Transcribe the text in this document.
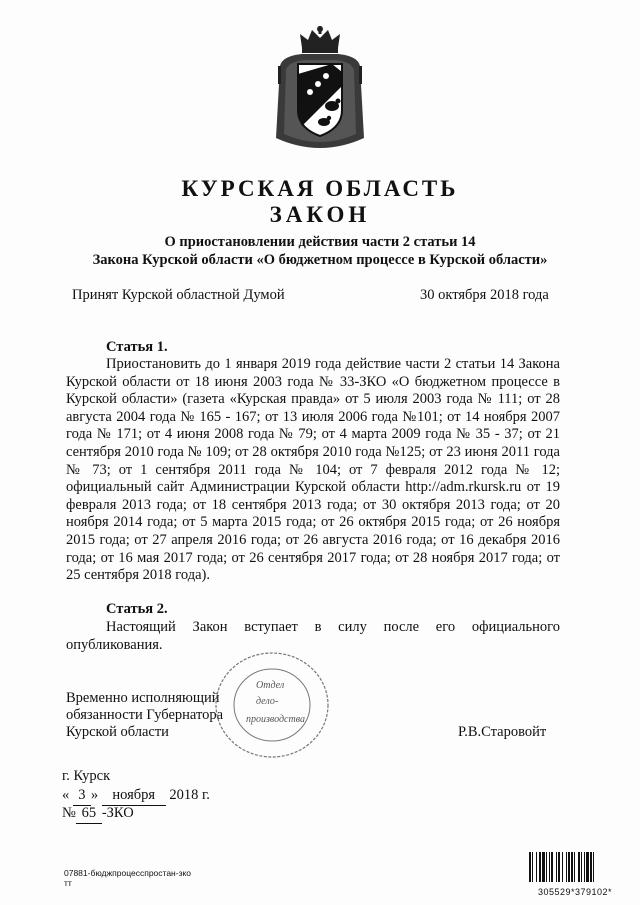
КУРСКАЯ ОБЛАСТЬ
ЗАКОН
О приостановлении действия части 2 статьи 14
Закона Курской области «О бюджетном процессе в Курской области»
Принят Курской областной Думой	30 октября 2018 года
Статья 1.
Приостановить до 1 января 2019 года действие части 2 статьи 14 Закона Курской области от 18 июня 2003 года № 33-ЗКО «О бюджетном процессе в Курской области» (газета «Курская правда» от 5 июля 2003 года № 111; от 28 августа 2004 года № 165 - 167; от 13 июля 2006 года №101; от 14 ноября 2007 года № 171; от 4 июня 2008 года № 79; от 4 марта 2009 года № 35 - 37; от 21 сентября 2010 года № 109; от 28 октября 2010 года №125; от 23 июня 2011 года № 73; от 1 сентября 2011 года № 104; от 7 февраля 2012 года № 12; официальный сайт Администрации Курской области http://adm.rkursk.ru от 19 февраля 2013 года; от 18 сентября 2013 года; от 30 октября 2013 года; от 20 ноября 2014 года; от 5 марта 2015 года; от 26 октября 2015 года; от 26 ноября 2015 года; от 27 апреля 2016 года; от 26 августа 2016 года; от 16 декабря 2016 года; от 16 мая 2017 года; от 26 сентября 2017 года; от 28 ноября 2017 года; от 25 сентября 2018 года).
Статья 2.
Настоящий Закон вступает в силу после его официального опубликования.
Временно исполняющий
обязанности Губернатора
Курской области	Р.В.Старовойт
Отдел
дело-
производства
г. Курск
« 3 » ноября 2018 г.
№ 65 -ЗКО
07881-бюджпроцесспростан-зко
тт
305529*379102*
